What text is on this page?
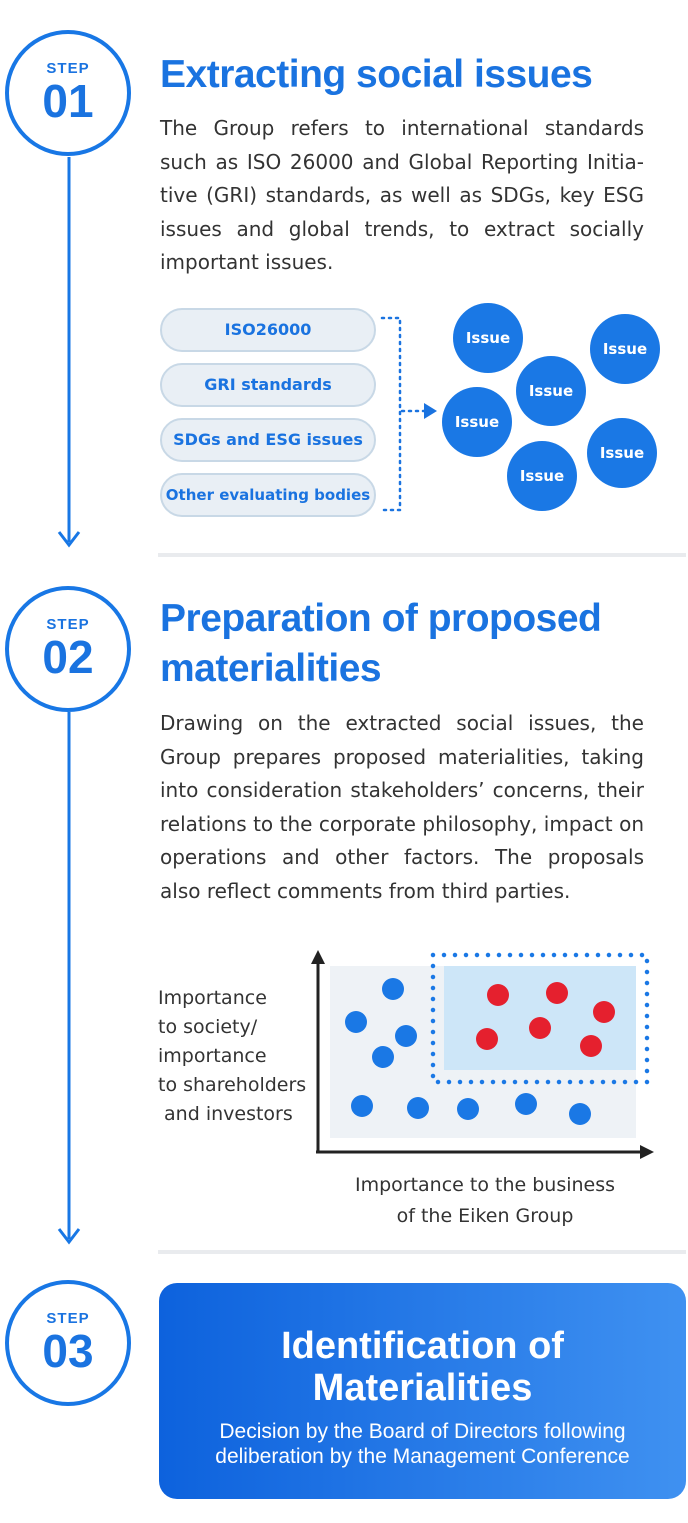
STEP
01
Extracting social issues

The Group refers to international standards such as ISO 26000 and Global Reporting Initia-tive (GRI) standards, as well as SDGs, key ESG issues and global trends, to extract socially important issues.

ISO26000
GRI standards
SDGs and ESG issues
Other evaluating bodies
Issue
Issue
Issue
Issue
Issue
Issue
STEP
02
Preparation of proposed
materialities

Drawing on the extracted social issues, the Group prepares proposed materialities, taking into consideration stakeholders’ concerns, their relations to the corporate philosophy, impact on operations and other factors. The proposals also reflect comments from third parties.

Importance
to society/
importance
to shareholders
and investors
Importance to the business
of the Eiken Group
STEP
03	Identification of
Materialities
Decision by the Board of Directors following
deliberation by the Management Conference
